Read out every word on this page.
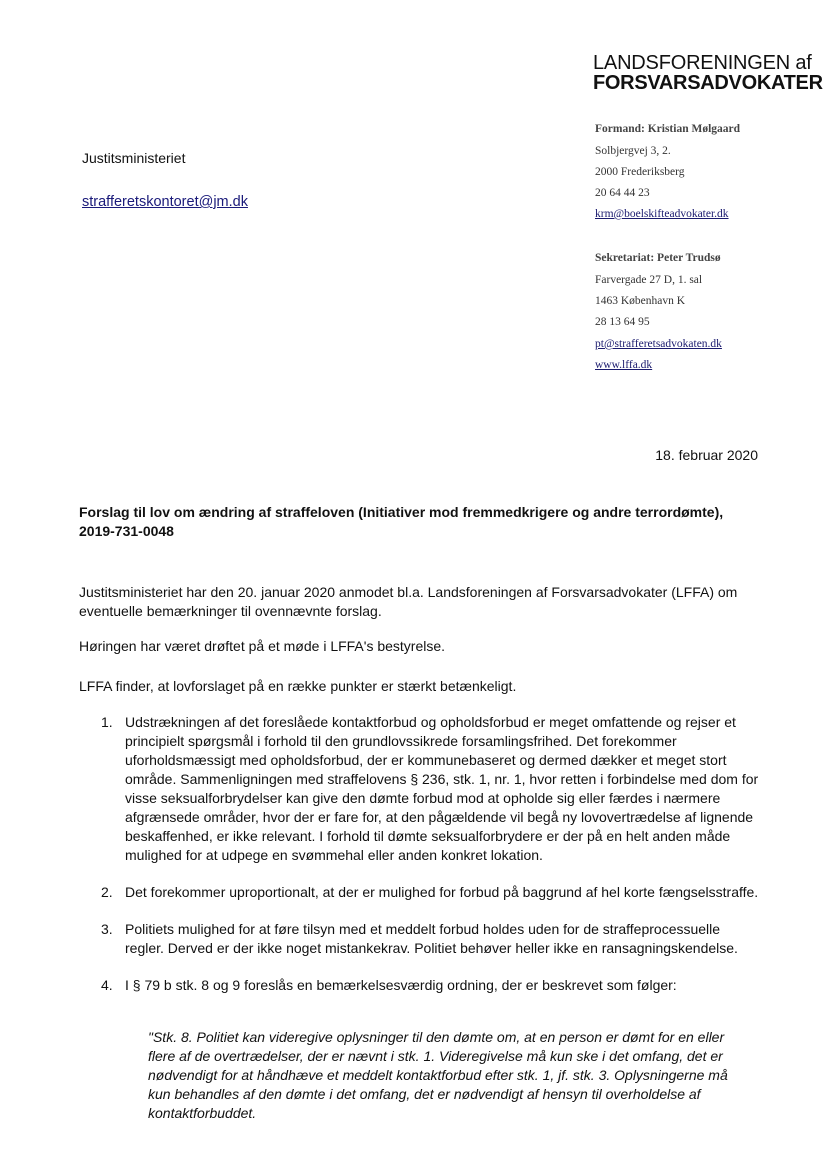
LANDSFORENINGEN af
FORSVARSADVOKATER
Formand: Kristian Mølgaard
Solbjergvej 3, 2.
2000 Frederiksberg
20 64 44 23
krm@boelskifteadvokater.dk
Sekretariat: Peter Trudsø
Farvergade 27 D, 1. sal
1463 København K
28 13 64 95
pt@strafferetsadvokaten.dk
www.lffa.dk
Justitsministeriet
strafferetskontoret@jm.dk
18. februar 2020
Forslag til lov om ændring af straffeloven (Initiativer mod fremmedkrigere og andre terrordømte), 2019-731-0048
Justitsministeriet har den 20. januar 2020 anmodet bl.a. Landsforeningen af Forsvarsadvokater (LFFA) om eventuelle bemærkninger til ovennævnte forslag.
Høringen har været drøftet på et møde i LFFA's bestyrelse.
LFFA finder, at lovforslaget på en række punkter er stærkt betænkeligt.
1. Udstrækningen af det foreslåede kontaktforbud og opholdsforbud er meget omfattende og rejser et principielt spørgsmål i forhold til den grundlovssikrede forsamlingsfrihed. Det forekommer uforholdsmæssigt med opholdsforbud, der er kommunebaseret og dermed dækker et meget stort område. Sammenligningen med straffelovens § 236, stk. 1, nr. 1, hvor retten i forbindelse med dom for visse seksualforbrydelser kan give den dømte forbud mod at opholde sig eller færdes i nærmere afgrænsede områder, hvor der er fare for, at den pågældende vil begå ny lovovertrædelse af lignende beskaffenhed, er ikke relevant. I forhold til dømte seksualforbrydere er der på en helt anden måde mulighed for at udpege en svømmehal eller anden konkret lokation.
2. Det forekommer uproportionalt, at der er mulighed for forbud på baggrund af hel korte fængselsstraffe.
3. Politiets mulighed for at føre tilsyn med et meddelt forbud holdes uden for de straffeprocessuelle regler. Derved er der ikke noget mistankekrav. Politiet behøver heller ikke en ransagningskendelse.
4. I § 79 b stk. 8 og 9 foreslås en bemærkelsesværdig ordning, der er beskrevet som følger:
"Stk. 8. Politiet kan videregive oplysninger til den dømte om, at en person er dømt for en eller flere af de overtrædelser, der er nævnt i stk. 1. Videregivelse må kun ske i det omfang, det er nødvendigt for at håndhæve et meddelt kontaktforbud efter stk. 1, jf. stk. 3. Oplysningerne må kun behandles af den dømte i det omfang, det er nødvendigt af hensyn til overholdelse af kontaktforbuddet.
